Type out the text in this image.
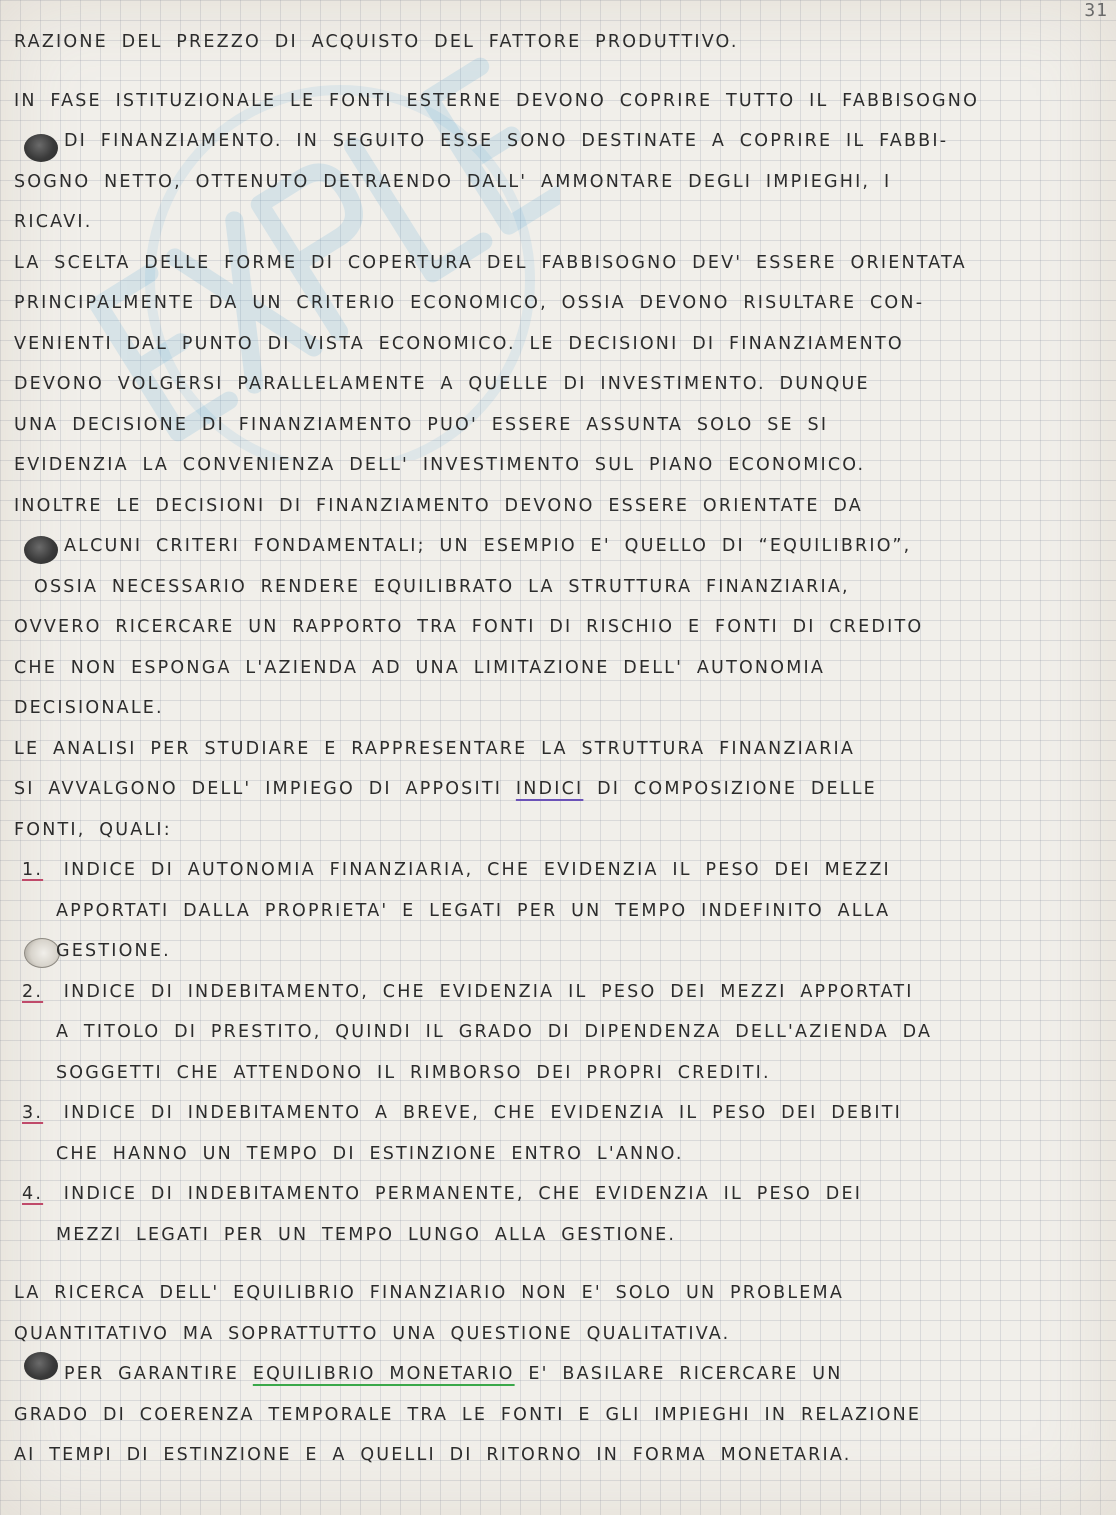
31
RAZIONE DEL PREZZO DI ACQUISTO DEL FATTORE PRODUTTIVO.
IN FASE ISTITUZIONALE LE FONTI ESTERNE DEVONO COPRIRE TUTTO IL FABBISOGNO
DI FINANZIAMENTO. IN SEGUITO ESSE SONO DESTINATE A COPRIRE IL FABBI-
SOGNO NETTO, OTTENUTO DETRAENDO DALL' AMMONTARE DEGLI IMPIEGHI, I
RICAVI.
LA SCELTA DELLE FORME DI COPERTURA DEL FABBISOGNO DEV' ESSERE ORIENTATA
PRINCIPALMENTE DA UN CRITERIO ECONOMICO, OSSIA DEVONO RISULTARE CON-
VENIENTI DAL PUNTO DI VISTA ECONOMICO. LE DECISIONI DI FINANZIAMENTO
DEVONO VOLGERSI PARALLELAMENTE A QUELLE DI INVESTIMENTO. DUNQUE
UNA DECISIONE DI FINANZIAMENTO PUO' ESSERE ASSUNTA SOLO SE SI
EVIDENZIA LA CONVENIENZA DELL' INVESTIMENTO SUL PIANO ECONOMICO.
INOLTRE LE DECISIONI DI FINANZIAMENTO DEVONO ESSERE ORIENTATE DA
ALCUNI CRITERI FONDAMENTALI; UN ESEMPIO E' QUELLO DI “EQUILIBRIO”,
OSSIA NECESSARIO RENDERE EQUILIBRATO LA STRUTTURA FINANZIARIA,
OVVERO RICERCARE UN RAPPORTO TRA FONTI DI RISCHIO E FONTI DI CREDITO
CHE NON ESPONGA L'AZIENDA AD UNA LIMITAZIONE DELL' AUTONOMIA
DECISIONALE.
LE ANALISI PER STUDIARE E RAPPRESENTARE LA STRUTTURA FINANZIARIA
SI AVVALGONO DELL' IMPIEGO DI APPOSITI INDICI DI COMPOSIZIONE DELLE
FONTI, QUALI:
1. INDICE DI AUTONOMIA FINANZIARIA, CHE EVIDENZIA IL PESO DEI MEZZI
APPORTATI DALLA PROPRIETA' E LEGATI PER UN TEMPO INDEFINITO ALLA
GESTIONE.
2. INDICE DI INDEBITAMENTO, CHE EVIDENZIA IL PESO DEI MEZZI APPORTATI
A TITOLO DI PRESTITO, QUINDI IL GRADO DI DIPENDENZA DELL'AZIENDA DA
SOGGETTI CHE ATTENDONO IL RIMBORSO DEI PROPRI CREDITI.
3. INDICE DI INDEBITAMENTO A BREVE, CHE EVIDENZIA IL PESO DEI DEBITI
CHE HANNO UN TEMPO DI ESTINZIONE ENTRO L'ANNO.
4. INDICE DI INDEBITAMENTO PERMANENTE, CHE EVIDENZIA IL PESO DEI
MEZZI LEGATI PER UN TEMPO LUNGO ALLA GESTIONE.
LA RICERCA DELL' EQUILIBRIO FINANZIARIO NON E' SOLO UN PROBLEMA
QUANTITATIVO MA SOPRATTUTTO UNA QUESTIONE QUALITATIVA.
PER GARANTIRE EQUILIBRIO MONETARIO E' BASILARE RICERCARE UN
GRADO DI COERENZA TEMPORALE TRA LE FONTI E GLI IMPIEGHI IN RELAZIONE
AI TEMPI DI ESTINZIONE E A QUELLI DI RITORNO IN FORMA MONETARIA.
